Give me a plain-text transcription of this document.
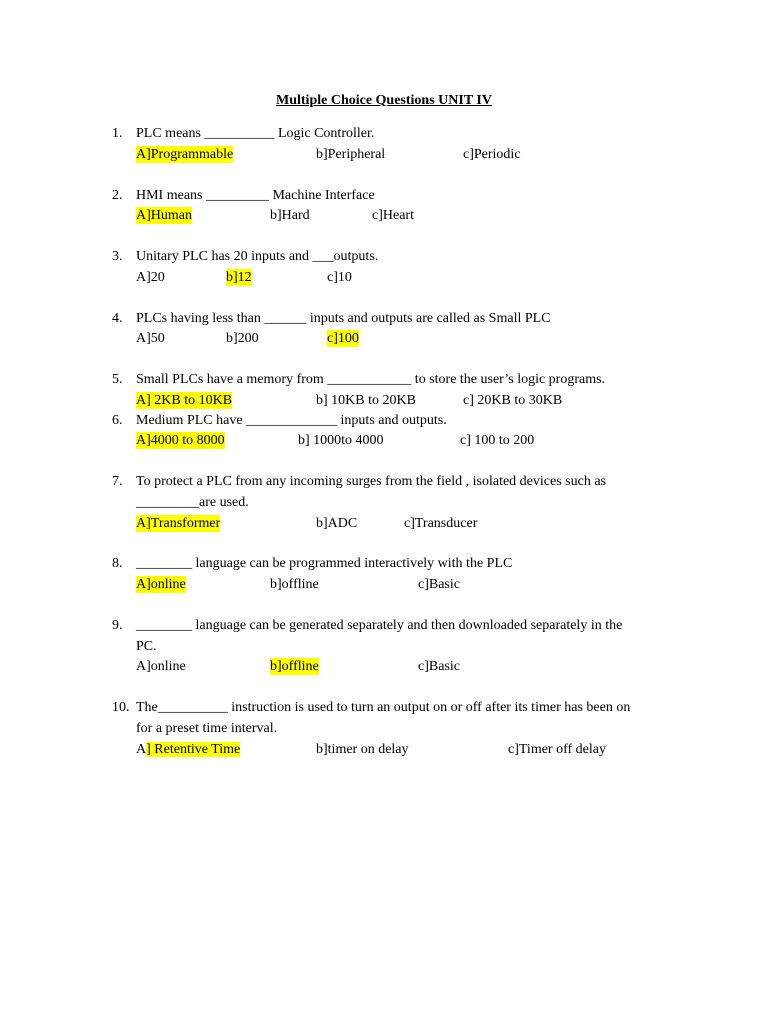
Multiple Choice Questions UNIT IV
1. PLC means __________ Logic Controller.
A]Programmable	b]Peripheral	c]Periodic
2. HMI means _________ Machine Interface
A]Human	b]Hard	c]Heart
3. Unitary PLC has 20 inputs and ___outputs.
A]20	b]12	c]10
4. PLCs having less than ______ inputs and outputs are called as Small PLC
A]50	b]200	c]100
5. Small PLCs have a memory from ____________ to store the user’s logic programs.
A] 2KB to 10KB	b] 10KB to 20KB	c] 20KB to 30KB
6. Medium PLC have _____________ inputs and outputs.
A]4000 to 8000	b] 1000to 4000	c] 100 to 200
7. To protect a PLC from any incoming surges from the field , isolated devices such as
_________are used.
A]Transformer	b]ADC	c]Transducer
8. ________ language can be programmed interactively with the PLC
A]online	b]offline	c]Basic
9. ________ language can be generated separately and then downloaded separately in the
PC.
A]online	b]offline	c]Basic
10. The__________ instruction is used to turn an output on or off after its timer has been on
for a preset time interval.
A] Retentive Time	b]timer on delay	c]Timer off delay
